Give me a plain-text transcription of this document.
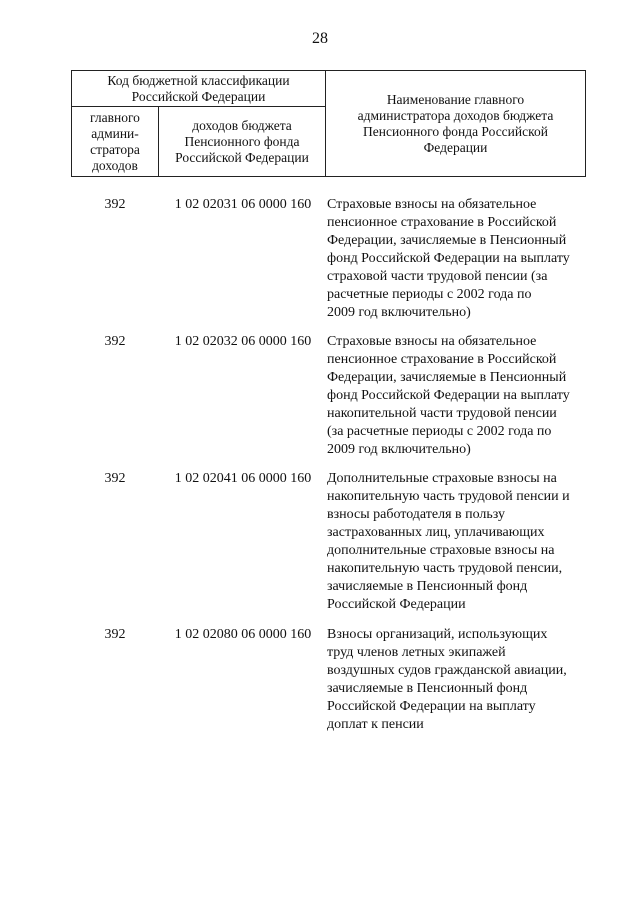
28
Код бюджетной классификации Российской Федерации		Наименование главного администратора доходов бюджета Пенсионного фонда Российской Федерации
главного админи-стратора доходов	доходов бюджета Пенсионного фонда Российской Федерации	
392	1 02 02031 06 0000 160	Страховые взносы на обязательное
пенсионное страхование в Российской
Федерации, зачисляемые в Пенсионный
фонд Российской Федерации на выплату
страховой части трудовой пенсии (за
расчетные периоды с 2002 года по
2009 год включительно)
392	1 02 02032 06 0000 160	Страховые взносы на обязательное
пенсионное страхование в Российской
Федерации, зачисляемые в Пенсионный
фонд Российской Федерации на выплату
накопительной части трудовой пенсии
(за расчетные периоды с 2002 года по
2009 год включительно)
392	1 02 02041 06 0000 160	Дополнительные страховые взносы на
накопительную часть трудовой пенсии и
взносы работодателя в пользу
застрахованных лиц, уплачивающих
дополнительные страховые взносы на
накопительную часть трудовой пенсии,
зачисляемые в Пенсионный фонд
Российской Федерации
392	1 02 02080 06 0000 160	Взносы организаций, использующих
труд членов летных экипажей
воздушных судов гражданской авиации,
зачисляемые в Пенсионный фонд
Российской Федерации на выплату
доплат к пенсии
